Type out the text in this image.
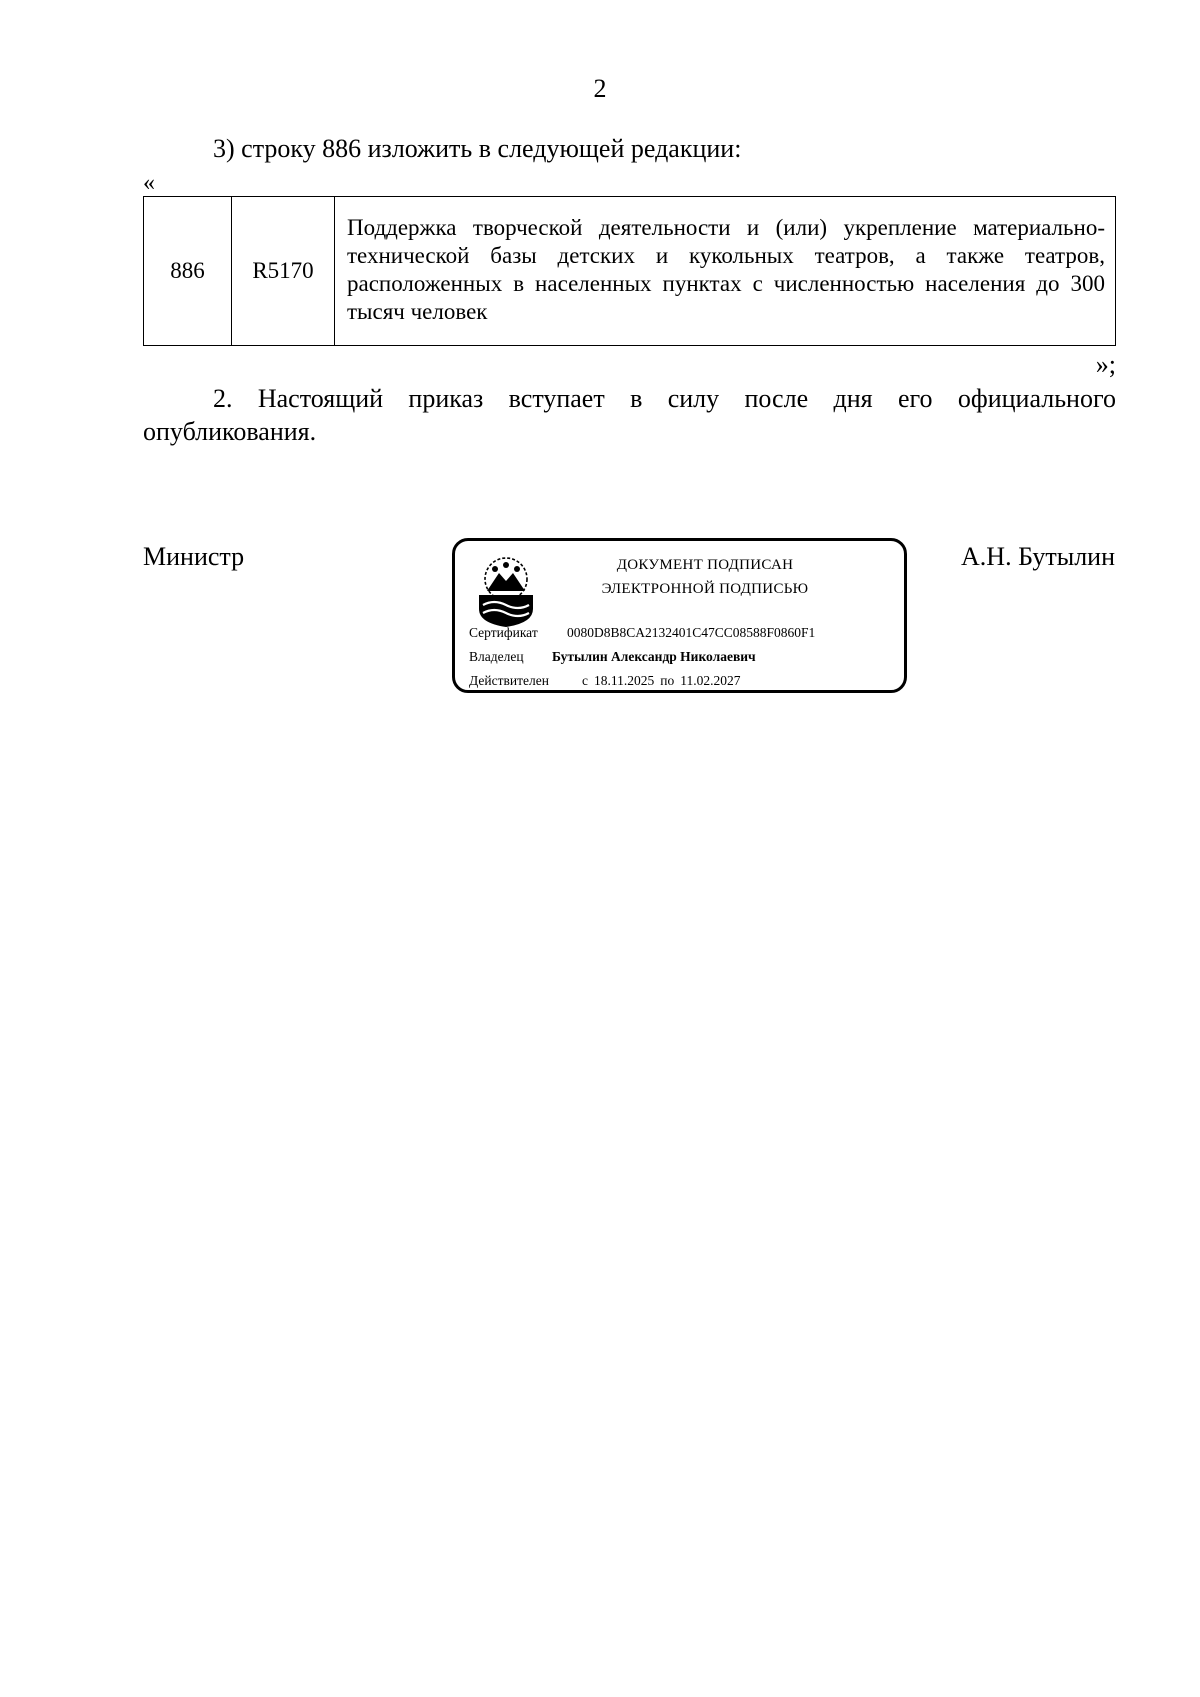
2
3) строку 886 изложить в следующей редакции:
«
886	R5170	Поддержка творческой деятельности и (или) укрепление материально-технической базы детских и кукольных театров, а также театров, расположенных в населенных пунктах с численностью населения до 300 тысяч человек
»;
2. Настоящий приказ вступает в силу после дня его официального опубликования.
Министр	А.Н. Бутылин
ДОКУМЕНТ ПОДПИСАН
ЭЛЕКТРОННОЙ ПОДПИСЬЮ
Сертификат 0080D8B8CA2132401C47CC08588F0860F1
Владелец Бутылин Александр Николаевич
Действителен с 18.11.2025 по 11.02.2027
